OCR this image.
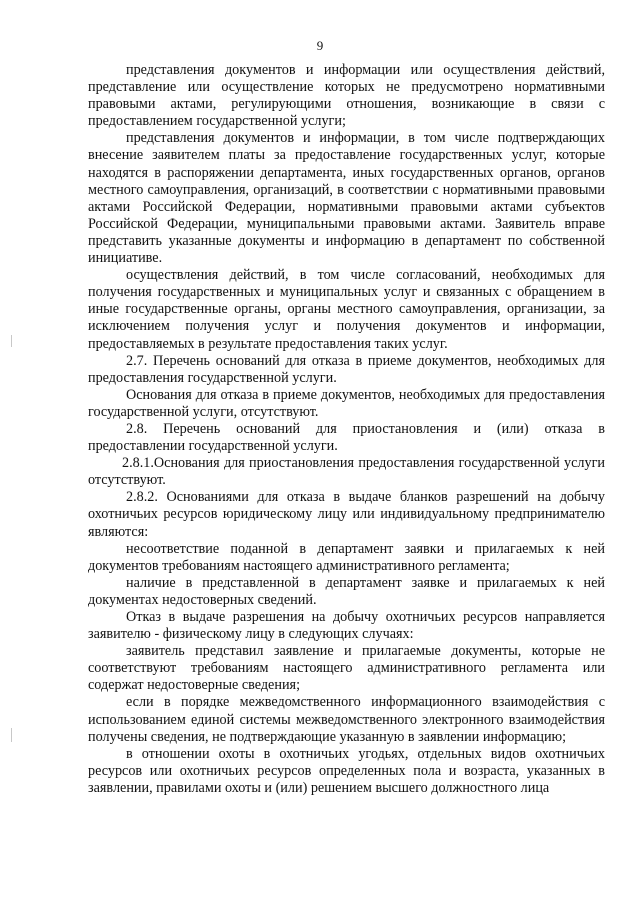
9

представления документов и информации или осуществления действий, представление или осуществление которых не предусмотрено нормативными правовыми актами, регулирующими отношения, возникающие в связи с предоставлением государственной услуги;

представления документов и информации, в том числе подтверждающих внесение заявителем платы за предоставление государственных услуг, которые находятся в распоряжении департамента, иных государственных органов, органов местного самоуправления, организаций, в соответствии с нормативными правовыми актами Российской Федерации, нормативными правовыми актами субъектов Российской Федерации, муниципальными правовыми актами. Заявитель вправе представить указанные документы и информацию в департамент по собственной инициативе.

осуществления действий, в том числе согласований, необходимых для получения государственных и муниципальных услуг и связанных с обращением в иные государственные органы, органы местного самоуправления, организации, за исключением получения услуг и получения документов и информации, предоставляемых в результате предоставления таких услуг.

2.7. Перечень оснований для отказа в приеме документов, необходимых для предоставления государственной услуги.

Основания для отказа в приеме документов, необходимых для предоставления государственной услуги, отсутствуют.

2.8. Перечень оснований для приостановления и (или) отказа в предоставлении государственной услуги.

2.8.1.Основания для приостановления предоставления государственной услуги отсутствуют.

2.8.2. Основаниями для отказа в выдаче бланков разрешений на добычу охотничьих ресурсов юридическому лицу или индивидуальному предпринимателю являются:

несоответствие поданной в департамент заявки и прилагаемых к ней документов требованиям настоящего административного регламента;

наличие в представленной в департамент заявке и прилагаемых к ней документах недостоверных сведений.

Отказ в выдаче разрешения на добычу охотничьих ресурсов направляется заявителю - физическому лицу в следующих случаях:

заявитель представил заявление и прилагаемые документы, которые не соответствуют требованиям настоящего административного регламента или содержат недостоверные сведения;

если в порядке межведомственного информационного взаимодействия с использованием единой системы межведомственного электронного взаимодействия получены сведения, не подтверждающие указанную в заявлении информацию;

в отношении охоты в охотничьих угодьях, отдельных видов охотничьих ресурсов или охотничьих ресурсов определенных пола и возраста, указанных в заявлении, правилами охоты и (или) решением высшего должностного лица
